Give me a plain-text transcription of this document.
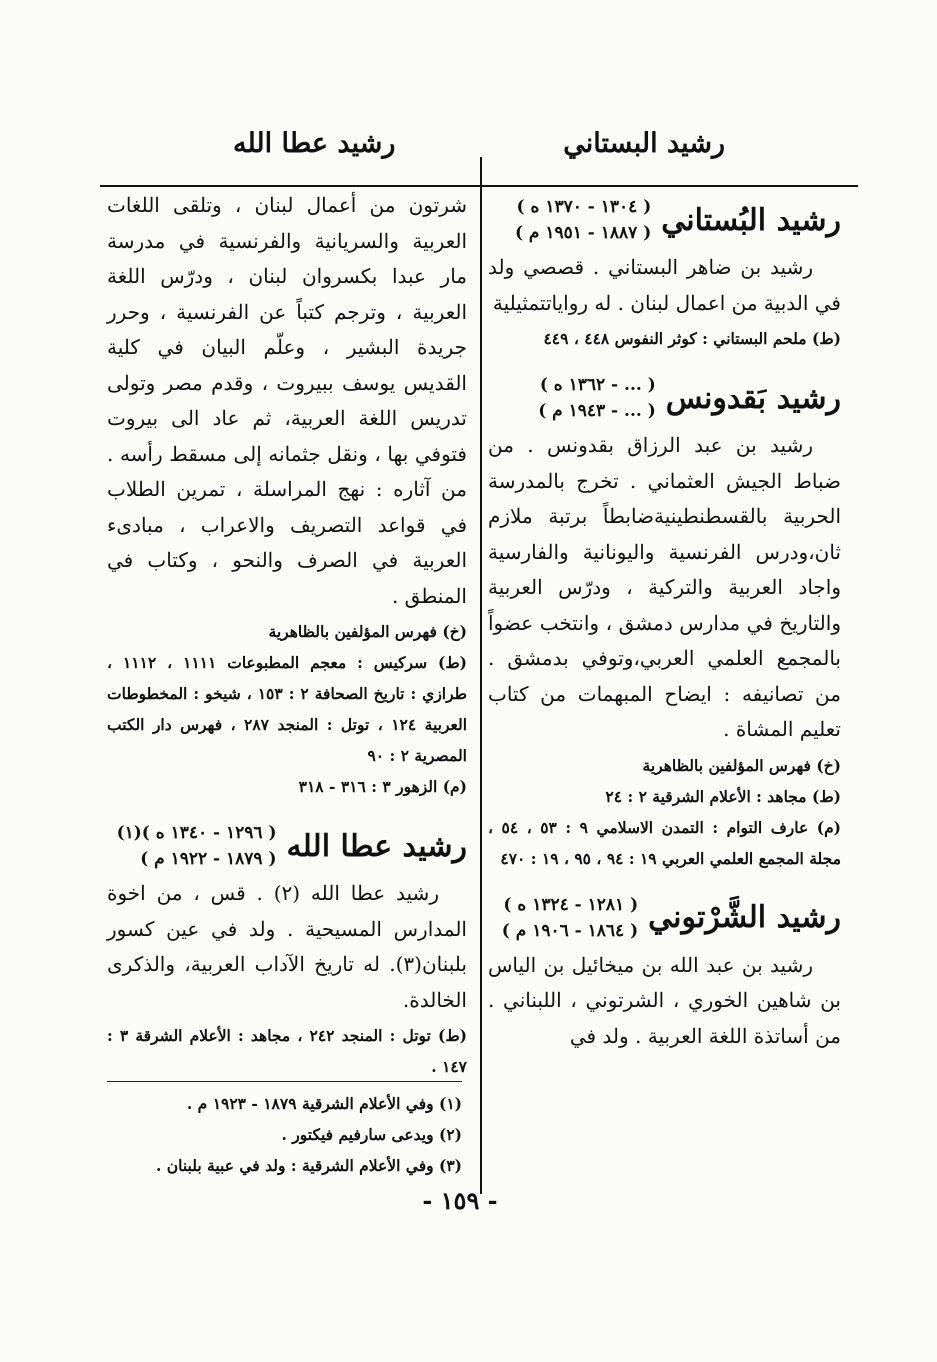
رشيد البستاني
رشيد عطا الله
رشيد البُستاني
( ١٣٠٤ - ١٣٧٠ ه )
( ١٨٨٧ - ١٩٥١ م )

رشيد بن ضاهر البستاني . قصصي ولد في الدبية من اعمال لبنان . له رواياتتمثيلية

(ط) ملحم البستاني : كوثر النفوس ٤٤٨ ، ٤٤٩

رشيد بَقدونس
( ... - ١٣٦٢ ه )
( ... - ١٩٤٣ م )

رشيد بن عبد الرزاق بقدونس . من ضباط الجيش العثماني . تخرج بالمدرسة الحربية بالقسطنطينيةضابطاً برتبة ملازم ثان،ودرس الفرنسية واليونانية والفارسية واجاد العربية والتركية ، ودرّس العربية والتاريخ في مدارس دمشق ، وانتخب عضواً بالمجمع العلمي العربي،وتوفي بدمشق . من تصانيفه : ايضاح المبهمات من كتاب تعليم المشاة .

(خ) فهرس المؤلفين بالظاهرية

(ط) مجاهد : الأعلام الشرقية ٢ : ٢٤

(م) عارف التوام : التمدن الاسلامي ٩ : ٥٣ ، ٥٤ ، مجلة المجمع العلمي العربي ١٩ : ٩٤ ، ٩٥ ، ١٩ : ٤٧٠

رشيد الشَّرْتوني
( ١٢٨١ - ١٣٢٤ ه )
( ١٨٦٤ - ١٩٠٦ م )

رشيد بن عبد الله بن ميخائيل بن الياس بن شاهين الخوري ، الشرتوني ، اللبناني . من أساتذة اللغة العربية . ولد في

شرتون من أعمال لبنان ، وتلقى اللغات العربية والسريانية والفرنسية في مدرسة مار عبدا بكسروان لبنان ، ودرّس اللغة العربية ، وترجم كتباً عن الفرنسية ، وحرر جريدة البشير ، وعلّم البيان في كلية القديس يوسف ببيروت ، وقدم مصر وتولى تدريس اللغة العربية، ثم عاد الى بيروت فتوفي بها ، ونقل جثمانه إلى مسقط رأسه . من آثاره : نهج المراسلة ، تمرين الطلاب في قواعد التصريف والاعراب ، مبادىء العربية في الصرف والنحو ، وكتاب في المنطق .

(خ) فهرس المؤلفين بالظاهرية

(ط) سركيس : معجم المطبوعات ١١١١ ، ١١١٢ ، طرازي : تاريخ الصحافة ٢ : ١٥٣ ، شيخو : المخطوطات العربية ١٢٤ ، توتل : المنجد ٢٨٧ ، فهرس دار الكتب المصرية ٢ : ٩٠

(م) الزهور ٣ : ٣١٦ - ٣١٨

رشيد عطا الله
( ١٢٩٦ - ١٣٤٠ ه )(١)
( ١٨٧٩ - ١٩٢٢ م )

رشيد عطا الله (٢) . قس ، من اخوة المدارس المسيحية . ولد في عين كسور بلبنان(٣). له تاريخ الآداب العربية، والذكرى الخالدة.

(ط) توتل : المنجد ٢٤٢ ، مجاهد : الأعلام الشرقة ٣ : ١٤٧ .

(١) وفي الأعلام الشرقية ١٨٧٩ - ١٩٢٣ م .

(٢) ويدعى سارفيم فيكتور .

(٣) وفي الأعلام الشرقية : ولد في عبية بلبنان .

- ١٥٩ -
